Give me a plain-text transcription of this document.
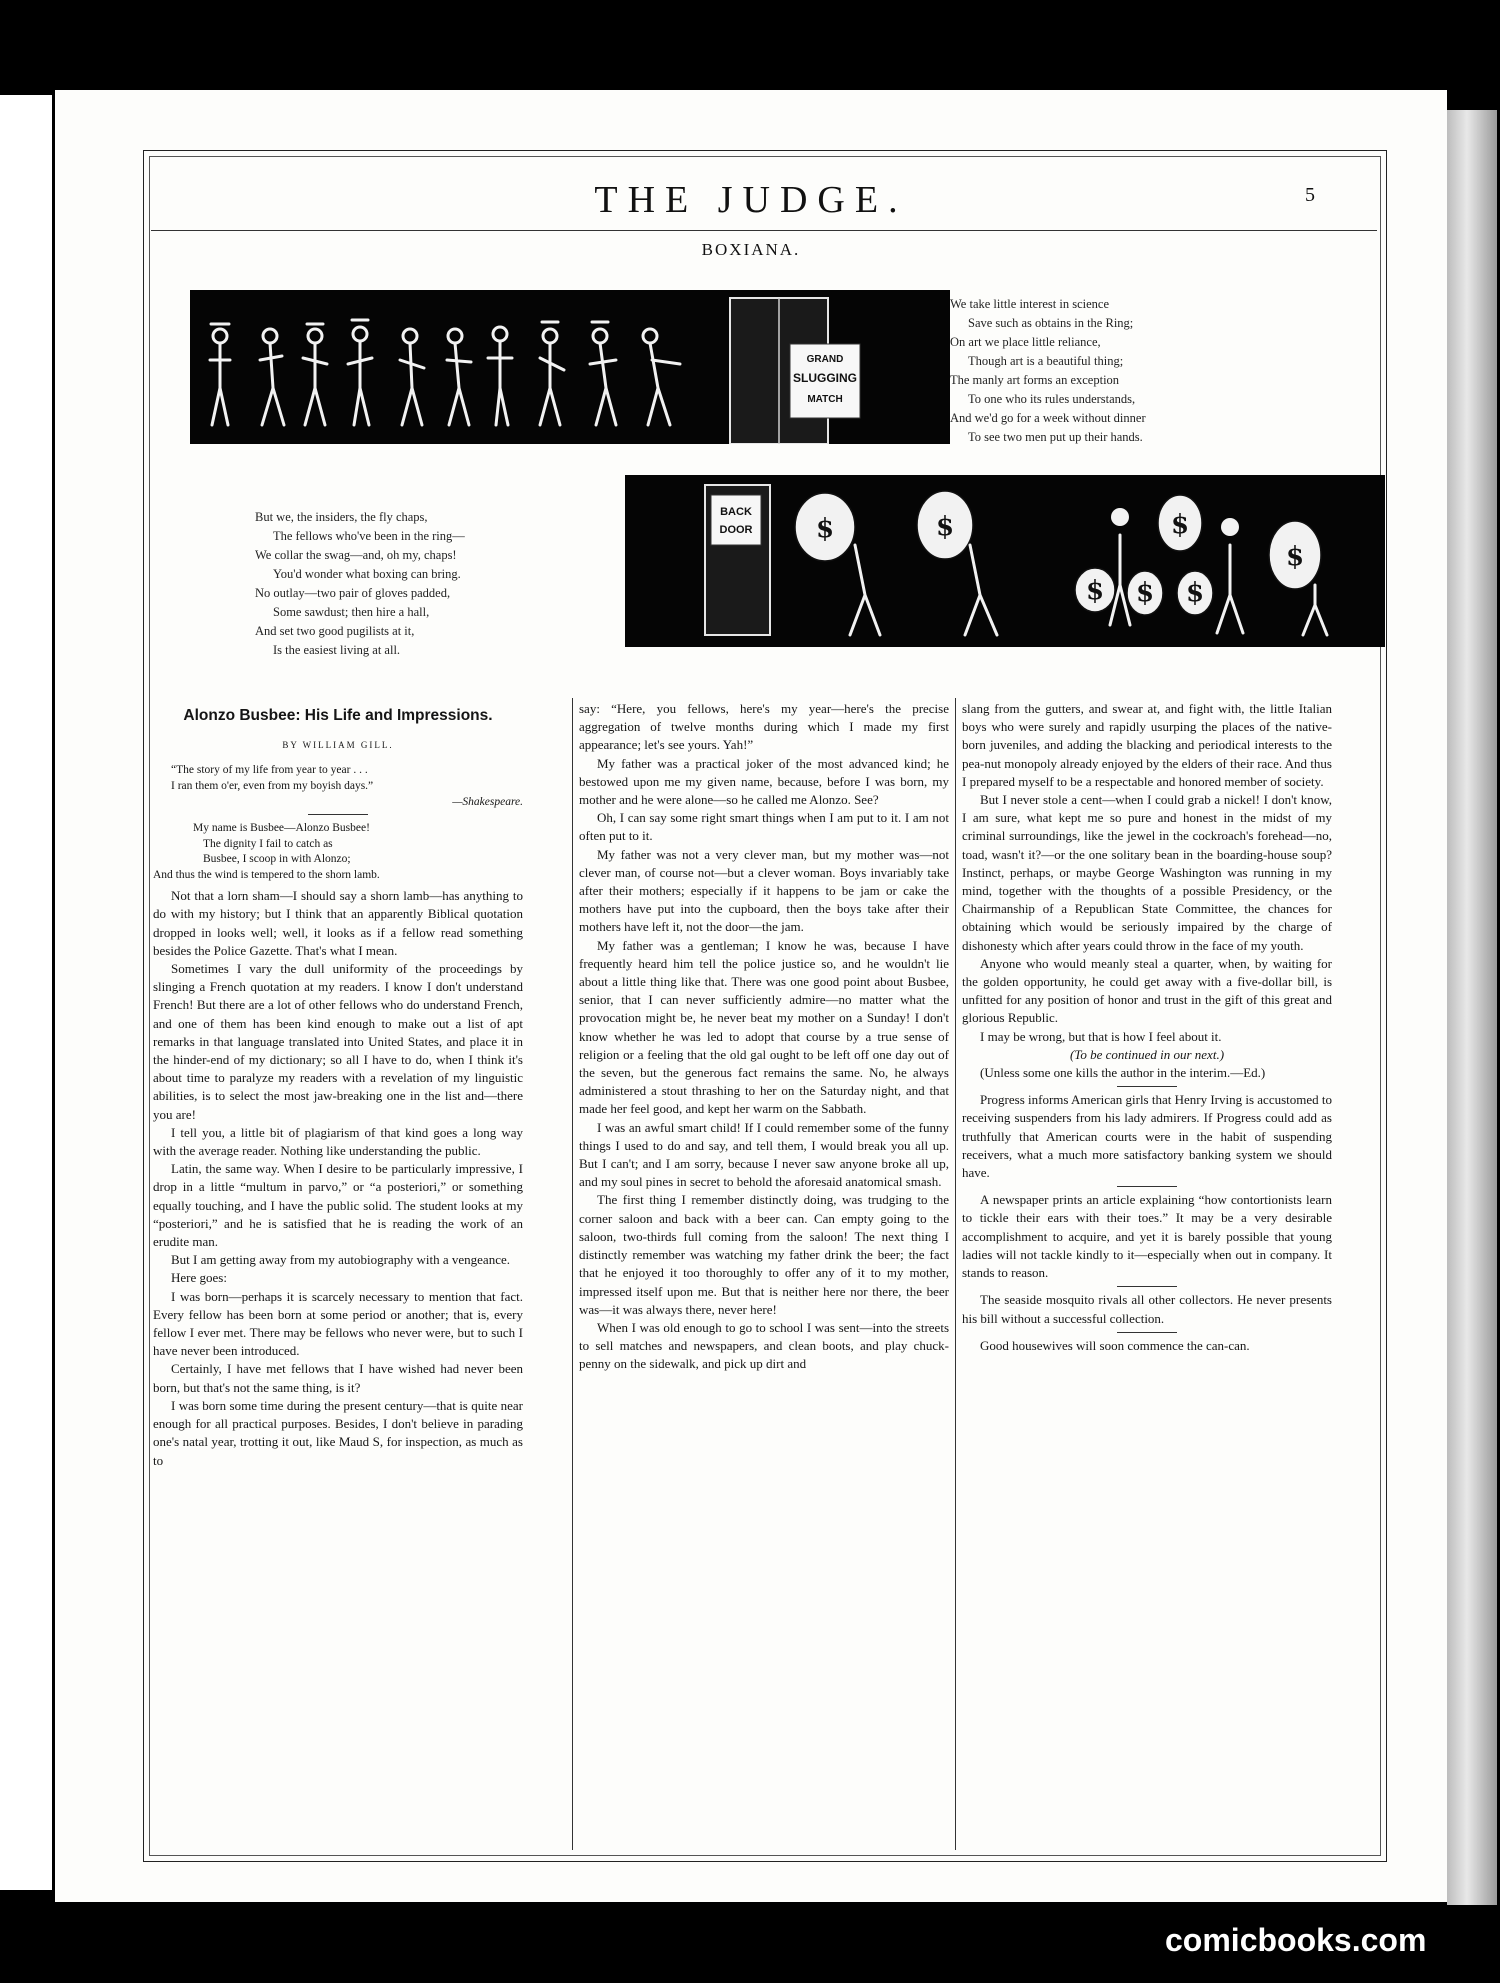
THE JUDGE.	5
BOXIANA.
GRAND
SLUGGING
MATCH
We take little interest in science
Save such as obtains in the Ring;
On art we place little reliance,
Though art is a beautiful thing;
The manly art forms an exception
To one who its rules understands,
And we'd go for a week without dinner
To see two men put up their hands.
But we, the insiders, the fly chaps,
The fellows who've been in the ring—
We collar the swag—and, oh my, chaps!
You'd wonder what boxing can bring.
No outlay—two pair of gloves padded,
Some sawdust; then hire a hall,
And set two good pugilists at it,
Is the easiest living at all.
BACK
DOOR $	$
$
$
$ $
$
Alonzo Busbee: His Life and Impressions.
BY WILLIAM GILL.
“The story of my life from year to year . . .
I ran them o'er, even from my boyish days.”
—Shakespeare.
My name is Busbee—Alonzo Busbee!
The dignity I fail to catch as
Busbee, I scoop in with Alonzo;
And thus the wind is tempered to the shorn lamb.

Not that a lorn sham—I should say a shorn lamb—has anything to do with my history; but I think that an apparently Biblical quotation dropped in looks well; well, it looks as if a fellow read something besides the Police Gazette. That's what I mean.

Sometimes I vary the dull uniformity of the proceedings by slinging a French quotation at my readers. I know I don't understand French! But there are a lot of other fellows who do understand French, and one of them has been kind enough to make out a list of apt remarks in that language translated into United States, and place it in the hinder-end of my dictionary; so all I have to do, when I think it's about time to paralyze my readers with a revelation of my linguistic abilities, is to select the most jaw-breaking one in the list and—there you are!

I tell you, a little bit of plagiarism of that kind goes a long way with the average reader. Nothing like understanding the public.

Latin, the same way. When I desire to be particularly impressive, I drop in a little “multum in parvo,” or “a posteriori,” or something equally touching, and I have the public solid. The student looks at my “posteriori,” and he is satisfied that he is reading the work of an erudite man.

But I am getting away from my autobiography with a vengeance.

Here goes:

I was born—perhaps it is scarcely necessary to mention that fact. Every fellow has been born at some period or another; that is, every fellow I ever met. There may be fellows who never were, but to such I have never been introduced.

Certainly, I have met fellows that I have wished had never been born, but that's not the same thing, is it?

I was born some time during the present century—that is quite near enough for all practical purposes. Besides, I don't believe in parading one's natal year, trotting it out, like Maud S, for inspection, as much as to

say: “Here, you fellows, here's my year—here's the precise aggregation of twelve months during which I made my first appearance; let's see yours. Yah!”

My father was a practical joker of the most advanced kind; he bestowed upon me my given name, because, before I was born, my mother and he were alone—so he called me Alonzo. See?

Oh, I can say some right smart things when I am put to it. I am not often put to it.

My father was not a very clever man, but my mother was—not clever man, of course not—but a clever woman. Boys invariably take after their mothers; especially if it happens to be jam or cake the mothers have put into the cupboard, then the boys take after their mothers have left it, not the door—the jam.

My father was a gentleman; I know he was, because I have frequently heard him tell the police justice so, and he wouldn't lie about a little thing like that. There was one good point about Busbee, senior, that I can never sufficiently admire—no matter what the provocation might be, he never beat my mother on a Sunday! I don't know whether he was led to adopt that course by a true sense of religion or a feeling that the old gal ought to be left off one day out of the seven, but the generous fact remains the same. No, he always administered a stout thrashing to her on the Saturday night, and that made her feel good, and kept her warm on the Sabbath.

I was an awful smart child! If I could remember some of the funny things I used to do and say, and tell them, I would break you all up. But I can't; and I am sorry, because I never saw anyone broke all up, and my soul pines in secret to behold the aforesaid anatomical smash.

The first thing I remember distinctly doing, was trudging to the corner saloon and back with a beer can. Can empty going to the saloon, two-thirds full coming from the saloon! The next thing I distinctly remember was watching my father drink the beer; the fact that he enjoyed it too thoroughly to offer any of it to my mother, impressed itself upon me. But that is neither here nor there, the beer was—it was always there, never here!

When I was old enough to go to school I was sent—into the streets to sell matches and newspapers, and clean boots, and play chuck-penny on the sidewalk, and pick up dirt and

slang from the gutters, and swear at, and fight with, the little Italian boys who were surely and rapidly usurping the places of the native-born juveniles, and adding the blacking and periodical interests to the pea-nut monopoly already enjoyed by the elders of their race. And thus I prepared myself to be a respectable and honored member of society.

But I never stole a cent—when I could grab a nickel! I don't know, I am sure, what kept me so pure and honest in the midst of my criminal surroundings, like the jewel in the cockroach's forehead—no, toad, wasn't it?—or the one solitary bean in the boarding-house soup? Instinct, perhaps, or maybe George Washington was running in my mind, together with the thoughts of a possible Presidency, or the Chairmanship of a Republican State Committee, the chances for obtaining which would be seriously impaired by the charge of dishonesty which after years could throw in the face of my youth.

Anyone who would meanly steal a quarter, when, by waiting for the golden opportunity, he could get away with a five-dollar bill, is unfitted for any position of honor and trust in the gift of this great and glorious Republic.

I may be wrong, but that is how I feel about it.

(To be continued in our next.)

(Unless some one kills the author in the interim.—Ed.)

Progress informs American girls that Henry Irving is accustomed to receiving suspenders from his lady admirers. If Progress could add as truthfully that American courts were in the habit of suspending receivers, what a much more satisfactory banking system we should have.

A newspaper prints an article explaining “how contortionists learn to tickle their ears with their toes.” It may be a very desirable accomplishment to acquire, and yet it is barely possible that young ladies will not tackle kindly to it—especially when out in company. It stands to reason.

The seaside mosquito rivals all other collectors. He never presents his bill without a successful collection.

Good housewives will soon commence the can-can.

comicbooks.com
